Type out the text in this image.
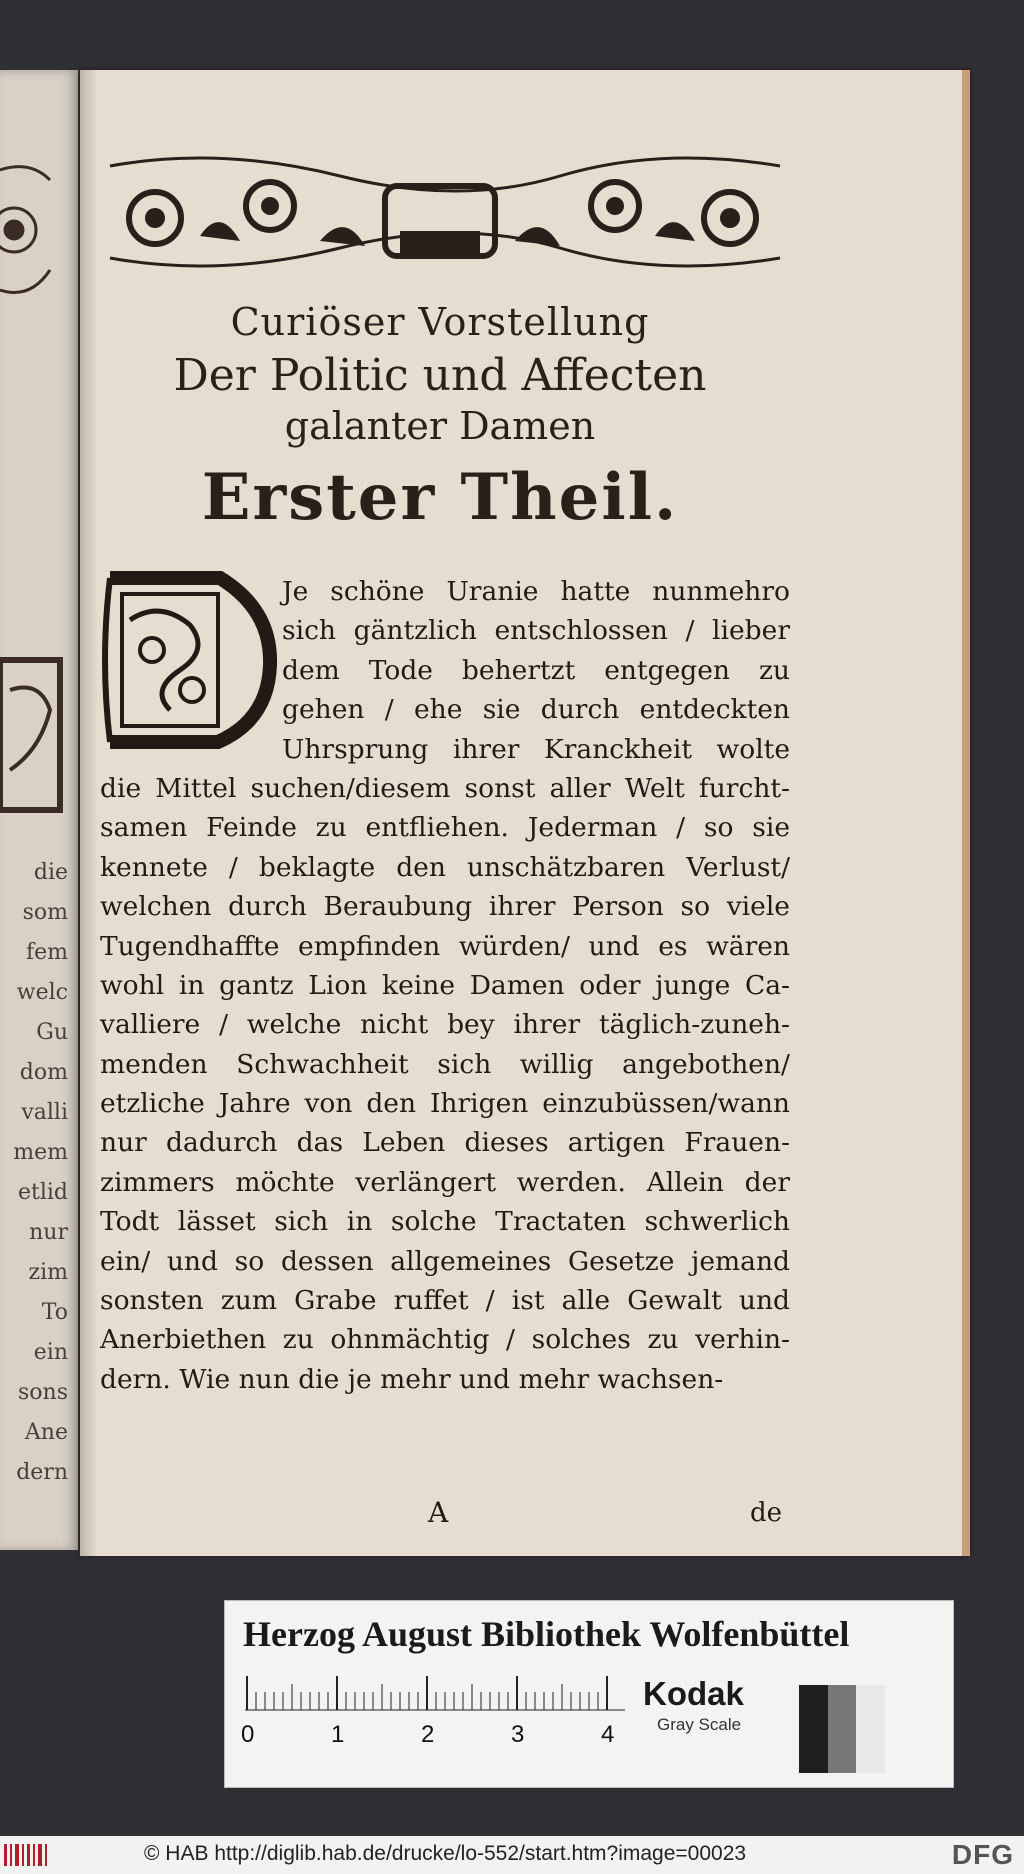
die
som
fem
welc
Gu
dom
valli
mem
etlid
nur
zim
To
ein
sons
Ane
dern
Curiöser Vorstellung
Der Politic und Affecten
galanter Damen
Erster Theil.
Je schöne Uranie hatte nunmehro
sich gäntzlich entschlossen / lieber
dem Tode behertzt entgegen zu
gehen / ehe sie durch entdeckten
Uhrsprung ihrer Kranckheit wolte
die Mittel suchen/diesem sonst aller Welt furcht-
samen Feinde zu entfliehen. Jederman / so sie
kennete / beklagte den unschätzbaren Verlust/
welchen durch Beraubung ihrer Person so viele
Tugendhaffte empfinden würden/ und es wären
wohl in gantz Lion keine Damen oder junge Ca-
valliere / welche nicht bey ihrer täglich-zuneh-
menden Schwachheit sich willig angebothen/
etzliche Jahre von den Ihrigen einzubüssen/wann
nur dadurch das Leben dieses artigen Frauen-
zimmers möchte verlängert werden. Allein der
Todt lässet sich in solche Tractaten schwerlich
ein/ und so dessen allgemeines Gesetze jemand
sonsten zum Grabe ruffet / ist alle Gewalt und
Anerbiethen zu ohnmächtig / solches zu verhin-
dern. Wie nun die je mehr und mehr wachsen-
A	de
Herzog August Bibliothek Wolfenbüttel
0	1	2	3	4
Kodak
Gray Scale
© HAB http://diglib.hab.de/drucke/lo-552/start.htm?image=00023	DFG
